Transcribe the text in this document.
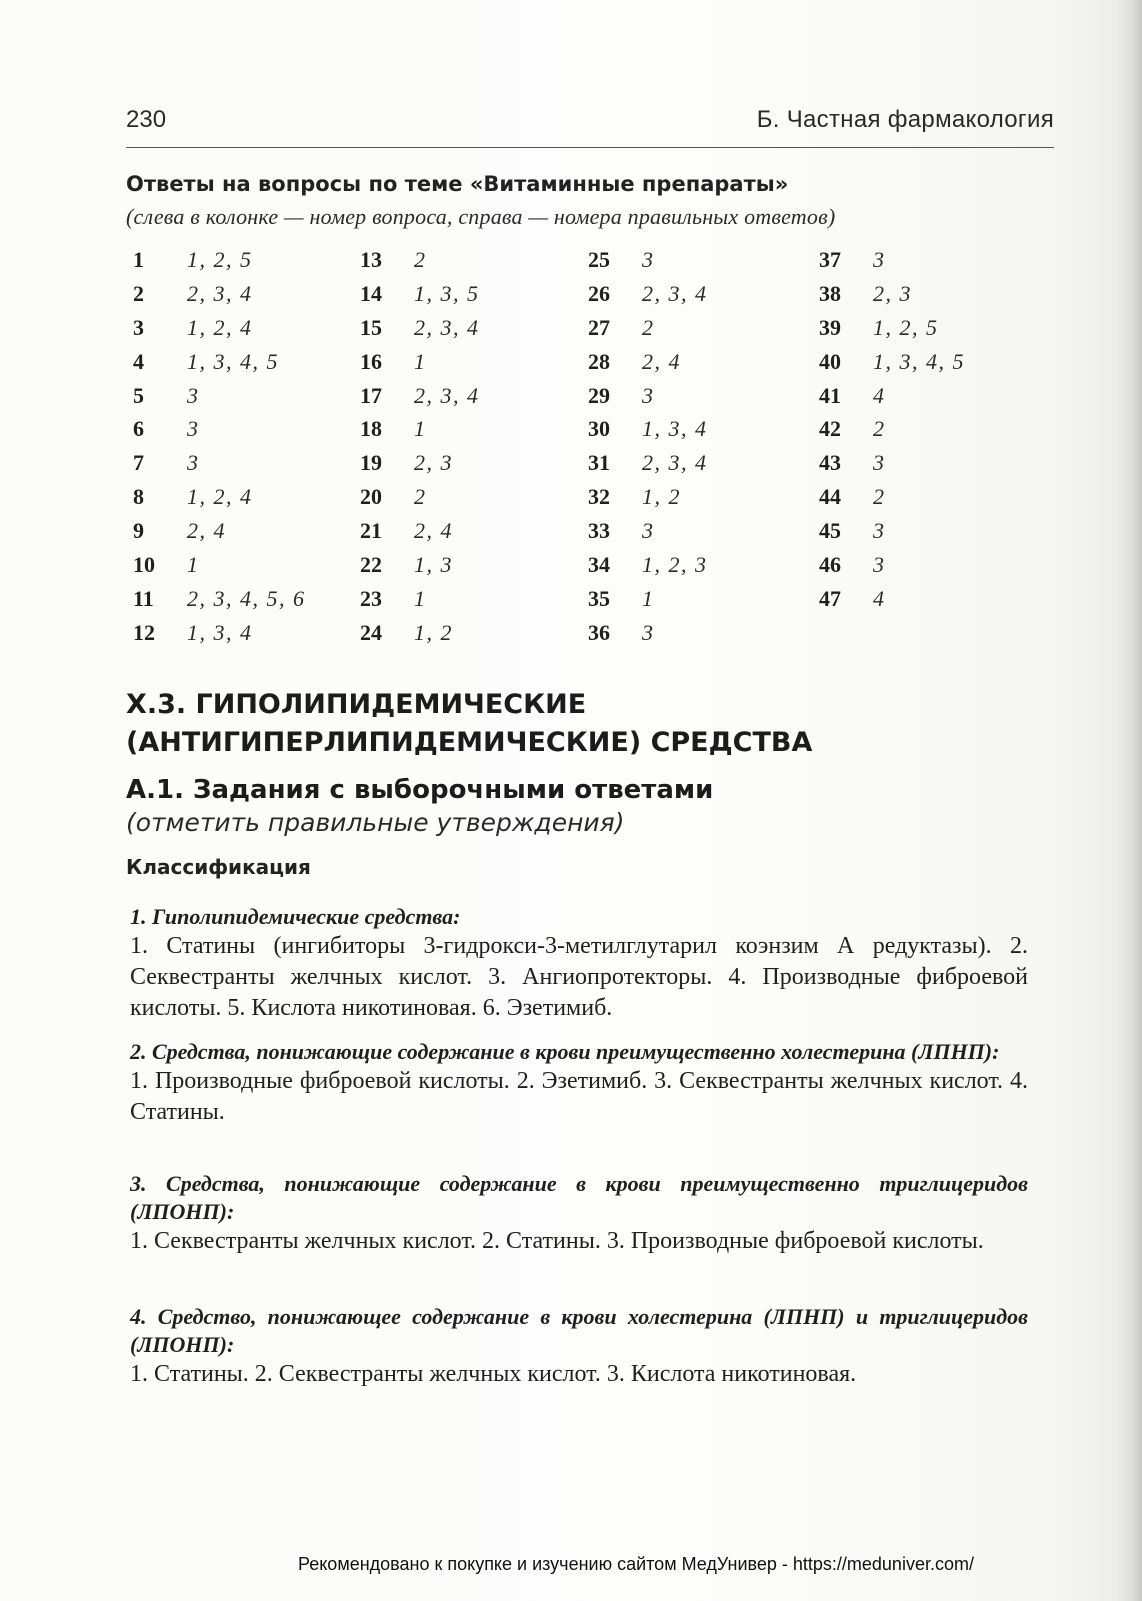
230	Б. Частная фармакология
Ответы на вопросы по теме «Витаминные препараты»
(слева в колонке — номер вопроса, справа — номера правильных ответов)
1 1, 2, 5
2 2, 3, 4
3 1, 2, 4
4 1, 3, 4, 5
5 3
6 3
7 3
8 1, 2, 4
9 2, 4
10 1
11 2, 3, 4, 5, 6
12 1, 3, 4
13 2
14 1, 3, 5
15 2, 3, 4
16 1
17 2, 3, 4
18 1
19 2, 3
20 2
21 2, 4
22 1, 3
23 1
24 1, 2
25 3
26 2, 3, 4
27 2
28 2, 4
29 3
30 1, 3, 4
31 2, 3, 4
32 1, 2
33 3
34 1, 2, 3
35 1
36 3
37 3
38 2, 3
39 1, 2, 5
40 1, 3, 4, 5
41 4
42 2
43 3
44 2
45 3
46 3
47 4
X.3. ГИПОЛИПИДЕМИЧЕСКИЕ
(АНТИГИПЕРЛИПИДЕМИЧЕСКИЕ) СРЕДСТВА
А.1. Задания с выборочными ответами
(отметить правильные утверждения)
Классификация
1. Гиполипидемические средства:
1. Статины (ингибиторы 3-гидрокси-3-метилглутарил коэнзим А редуктазы). 2. Секвестранты желчных кислот. 3. Ангиопротекторы. 4. Производные фиброевой кислоты. 5. Кислота никотиновая. 6. Эзетимиб.
2. Средства, понижающие содержание в крови преимущественно холестерина (ЛПНП):
1. Производные фиброевой кислоты. 2. Эзетимиб. 3. Секвестранты желчных кислот. 4. Статины.
3. Средства, понижающие содержание в крови преимущественно триглицеридов (ЛПОНП):
1. Секвестранты желчных кислот. 2. Статины. 3. Производные фиброевой кислоты.
4. Средство, понижающее содержание в крови холестерина (ЛПНП) и триглицеридов (ЛПОНП):
1. Статины. 2. Секвестранты желчных кислот. 3. Кислота никотиновая.
Рекомендовано к покупке и изучению сайтом МедУнивер - https://meduniver.com/
